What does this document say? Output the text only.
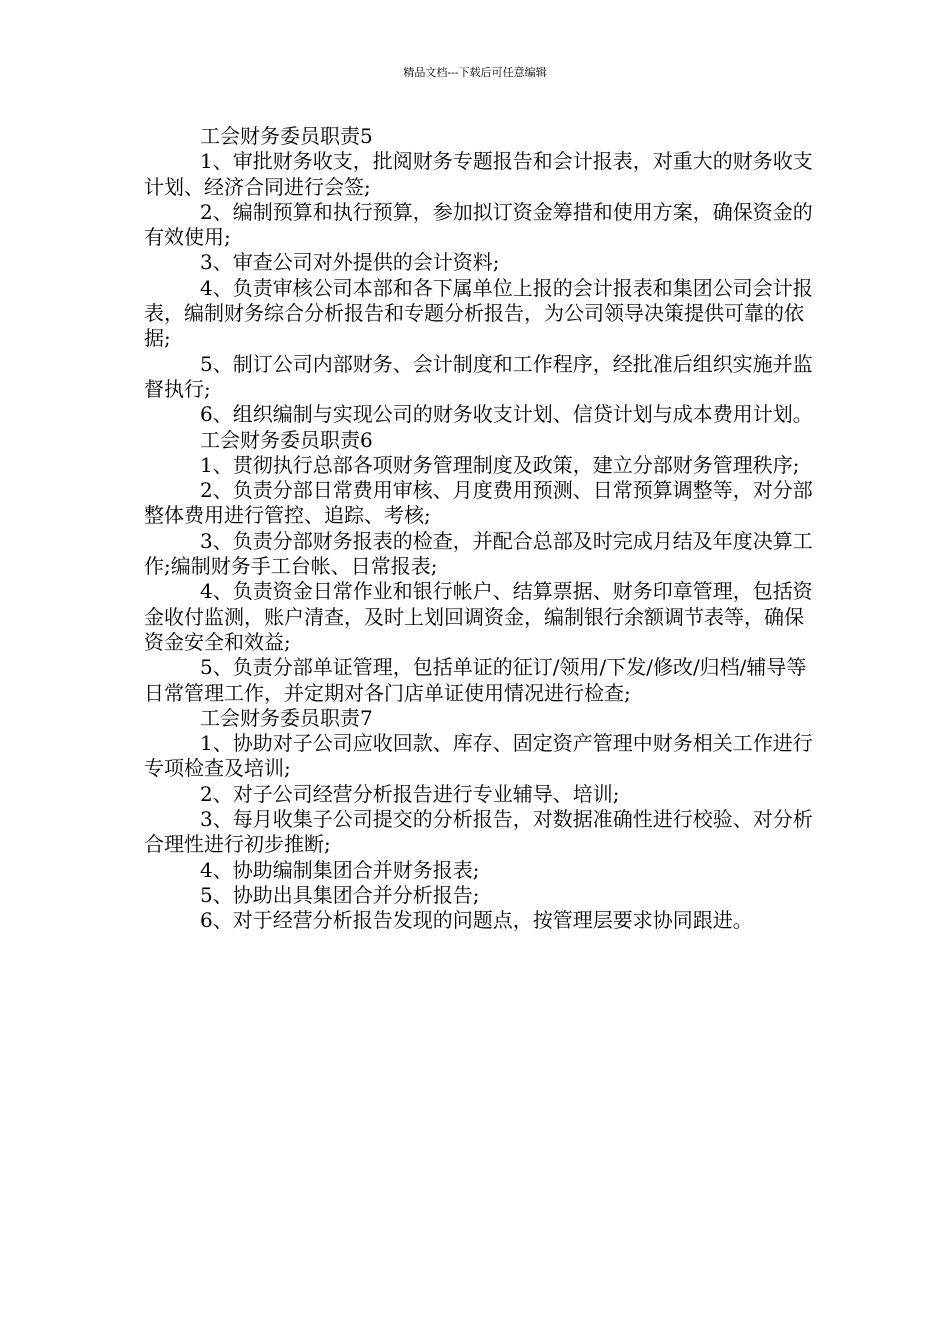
精品文档---下载后可任意编辑

工会财务委员职责5

1、审批财务收支，批阅财务专题报告和会计报表，对重大的财务收支计划、经济合同进行会签;

2、编制预算和执行预算，参加拟订资金筹措和使用方案，确保资金的有效使用;

3、审查公司对外提供的会计资料;

4、负责审核公司本部和各下属单位上报的会计报表和集团公司会计报表，编制财务综合分析报告和专题分析报告，为公司领导决策提供可靠的依据;

5、制订公司内部财务、会计制度和工作程序，经批准后组织实施并监督执行;

6、组织编制与实现公司的财务收支计划、信贷计划与成本费用计划。

工会财务委员职责6

1、贯彻执行总部各项财务管理制度及政策，建立分部财务管理秩序;

2、负责分部日常费用审核、月度费用预测、日常预算调整等，对分部整体费用进行管控、追踪、考核;

3、负责分部财务报表的检查，并配合总部及时完成月结及年度决算工作;编制财务手工台帐、日常报表;

4、负责资金日常作业和银行帐户、结算票据、财务印章管理，包括资金收付监测，账户清查，及时上划回调资金，编制银行余额调节表等，确保资金安全和效益;

5、负责分部单证管理，包括单证的征订/领用/下发/修改/归档/辅导等日常管理工作，并定期对各门店单证使用情况进行检查;

工会财务委员职责7

1、协助对子公司应收回款、库存、固定资产管理中财务相关工作进行专项检查及培训;

2、对子公司经营分析报告进行专业辅导、培训;

3、每月收集子公司提交的分析报告，对数据准确性进行校验、对分析合理性进行初步推断;

4、协助编制集团合并财务报表;

5、协助出具集团合并分析报告;

6、对于经营分析报告发现的问题点，按管理层要求协同跟进。
